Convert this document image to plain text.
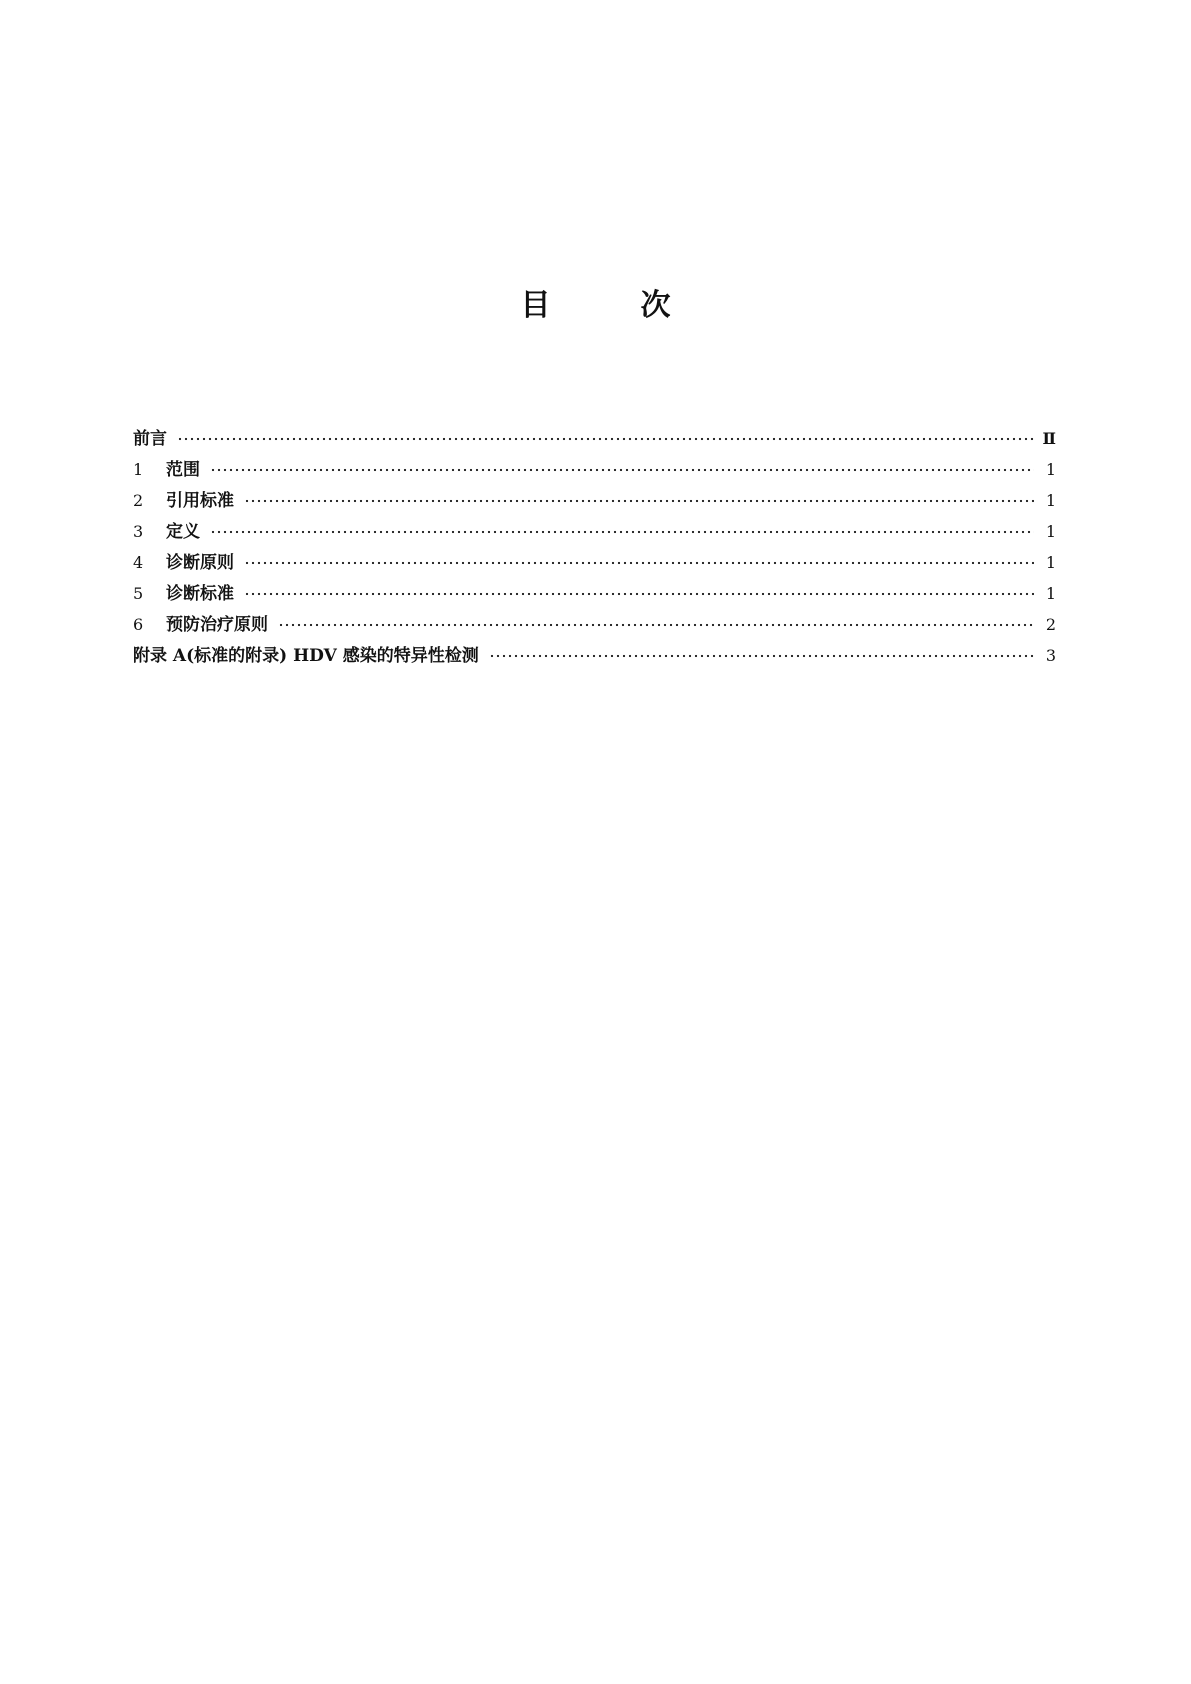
目	次
前言	Ⅱ
1	范围	1
2	引用标准	1
3	定义	1
4	诊断原则	1
5	诊断标准	1
6	预防治疗原则	2
附录 A(标准的附录) HDV 感染的特异性检测	3
